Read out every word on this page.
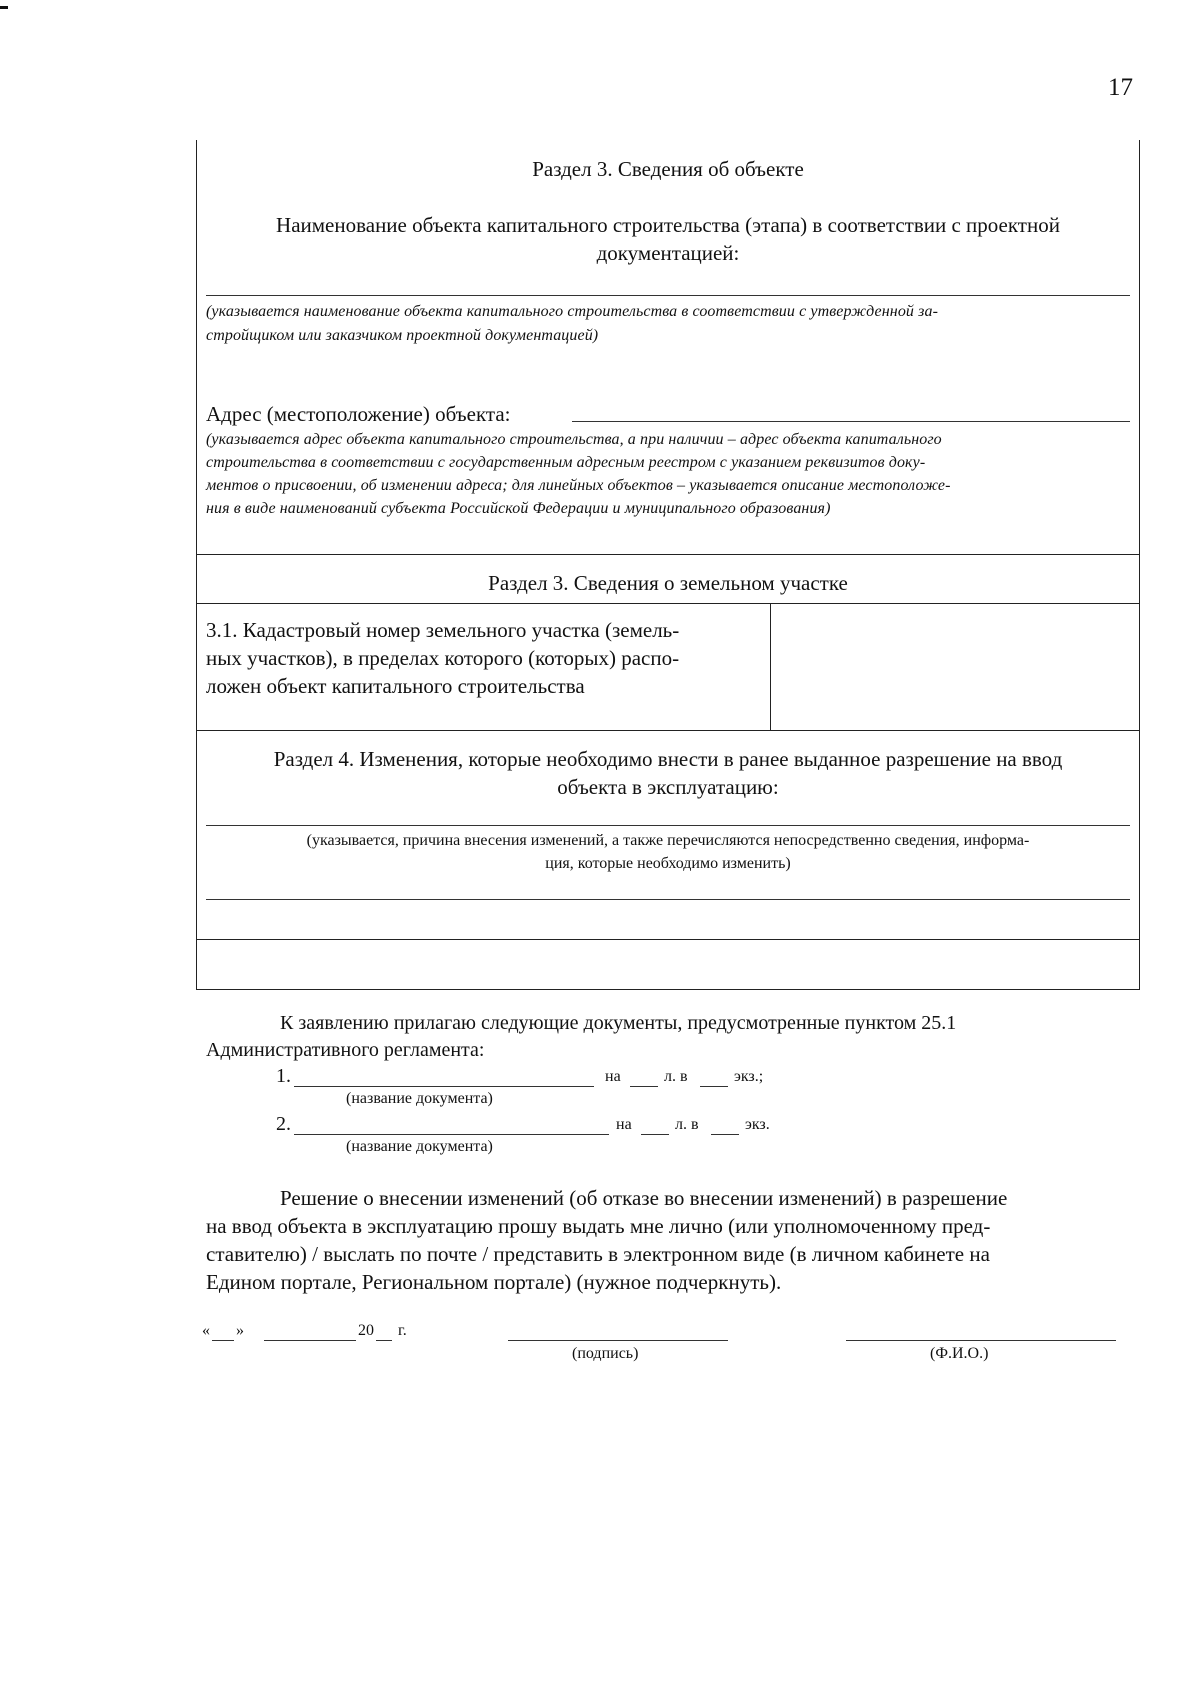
17
Раздел 3. Сведения об объекте
Наименование объекта капитального строительства (этапа) в соответствии с проектной
документацией:
(указывается наименование объекта капитального строительства в соответствии с утвержденной за-
стройщиком или заказчиком проектной документацией)
Адрес (местоположение) объекта:
(указывается адрес объекта капитального строительства, а при наличии – адрес объекта капитального
строительства в соответствии с государственным адресным реестром с указанием реквизитов доку-
ментов о присвоении, об изменении адреса; для линейных объектов – указывается описание местоположе-
ния в виде наименований субъекта Российской Федерации и муниципального образования)
Раздел 3. Сведения о земельном участке
3.1. Кадастровый номер земельного участка (земель-
ных участков), в пределах которого (которых) распо-
ложен объект капитального строительства
Раздел 4. Изменения, которые необходимо внести в ранее выданное разрешение на ввод
объекта в эксплуатацию:
(указывается, причина внесения изменений, а также перечисляются непосредственно сведения, информа-
ция, которые необходимо изменить)
К заявлению прилагаю следующие документы, предусмотренные пунктом 25.1
Административного регламента:
1.	на	л. в	экз.;
(название документа)
2.	на	л. в	экз.
(название документа)
Решение о внесении изменений (об отказе во внесении изменений) в разрешение
на ввод объекта в эксплуатацию прошу выдать мне лично (или уполномоченному пред-
ставителю) / выслать по почте / представить в электронном виде (в личном кабинете на
Едином портале, Региональном портале) (нужное подчеркнуть).
« »	20 г.
(подпись)	(Ф.И.О.)
